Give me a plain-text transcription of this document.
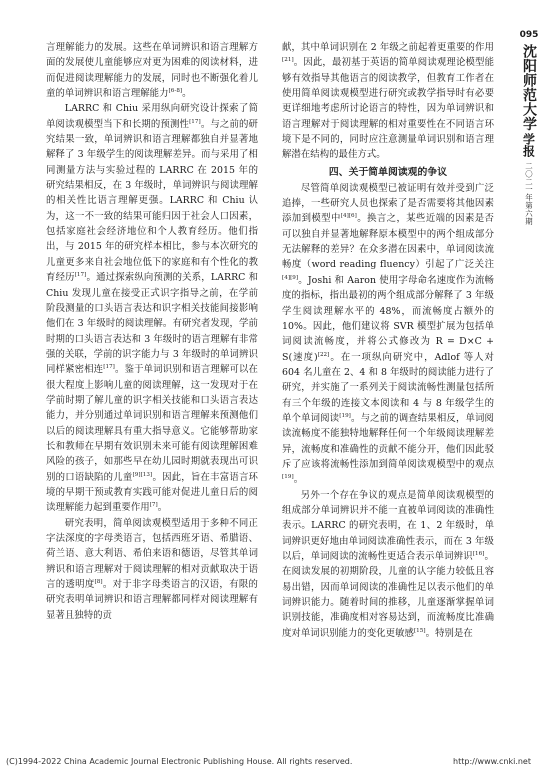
言理解能力的发展。这些在单词辨识和语言理解方面的发展使儿童能够应对更为困难的阅读材料，进而促进阅读理解能力的发展，同时也不断强化着儿童的单词辨识和语言理解能力[6-8]。

LARRC 和 Chiu 采用纵向研究设计探索了简单阅读观模型当下和长期的预测性[17]。与之前的研究结果一致，单词辨识和语言理解都独自并显著地解释了 3 年级学生的阅读理解差异。而与采用了相同测量方法与实验过程的 LARRC 在 2015 年的研究结果相反，在 3 年级时，单词辨识与阅读理解的相关性比语言理解更强。LARRC 和 Chiu 认为，这一不一致的结果可能归因于社会人口因素，包括家庭社会经济地位和个人教育经历。他们指出，与 2015 年的研究样本相比，参与本次研究的儿童更多来自社会地位低下的家庭和有个性化的教育经历[17]。通过探索纵向预测的关系，LARRC 和 Chiu 发现儿童在接受正式识字指导之前，在学前阶段测量的口头语言表达和识字相关技能间接影响他们在 3 年级时的阅读理解。有研究者发现，学前时期的口头语言表达和 3 年级时的语言理解有非常强的关联，学前的识字能力与 3 年级时的单词辨识同样紧密相连[17]。鉴于单词识别和语言理解可以在很大程度上影响儿童的阅读理解，这一发现对于在学前时期了解儿童的识字相关技能和口头语言表达能力，并分别通过单词识别和语言理解来预测他们以后的阅读理解具有重大指导意义。它能够帮助家长和教师在早期有效识别未来可能有阅读理解困难风险的孩子，如那些早在幼儿园时期就表现出可识别的口语缺陷的儿童[9][13]。因此，旨在丰富语言环境的早期干预或教育实践可能对促进儿童日后的阅读理解能力起到重要作用[7]。

研究表明，简单阅读观模型适用于多种不同正字法深度的字母类语言，包括西班牙语、希腊语、荷兰语、意大利语、希伯来语和德语，尽管其单词辨识和语言理解对于阅读理解的相对贡献取决于语言的透明度[8]。对于非字母类语言的汉语，有限的研究表明单词辨识和语言理解都同样对阅读理解有显著且独特的贡

献，其中单词识别在 2 年级之前起着更重要的作用[21]。因此，最初基于英语的简单阅读观理论模型能够有效指导其他语言的阅读教学，但教育工作者在使用简单阅读观模型进行研究或教学指导时有必要更详细地考虑所讨论语言的特性，因为单词辨识和语言理解对于阅读理解的相对重要性在不同语言环境下是不同的，同时应注意测量单词识别和语言理解潜在结构的最佳方式。

四、关于简单阅读观的争议

尽管简单阅读观模型已被证明有效并受到广泛追捧，一些研究人员也探索了是否需要将其他因素添加到模型中[4][6]。换言之，某些近端的因素是否可以独自并显著地解释原本模型中的两个组成部分无法解释的差异？在众多潜在因素中，单词阅读流畅度（word reading fluency）引起了广泛关注[4][9]。Joshi 和 Aaron 使用字母命名速度作为流畅度的指标，指出最初的两个组成部分解释了 3 年级学生阅读理解水平的 48%，而流畅度占额外的 10%。因此，他们建议将 SVR 模型扩展为包括单词阅读流畅度，并将公式修改为 R = D×C + S(速度)[22]。在一项纵向研究中，Adlof 等人对 604 名儿童在 2、4 和 8 年级时的阅读能力进行了研究，并实施了一系列关于阅读流畅性测量包括所有三个年级的连接文本阅读和 4 与 8 年级学生的单个单词阅读[19]。与之前的调查结果相反，单词阅读流畅度不能独特地解释任何一个年级阅读理解差异，流畅度和准确性的贡献不能分开，他们因此驳斥了应该将流畅性添加到简单阅读观模型中的观点[19]。

另外一个存在争议的观点是简单阅读观模型的组成部分单词辨识并不能一直被单词阅读的准确性表示。LARRC 的研究表明，在 1、2 年级时，单词辨识更好地由单词阅读准确性表示，而在 3 年级以后，单词阅读的流畅性更适合表示单词辨识[16]。在阅读发展的初期阶段，儿童的认字能力较低且容易出错，因而单词阅读的准确性足以表示他们的单词辨识能力。随着时间的推移，儿童逐渐掌握单词识别技能，准确度相对容易达到，而流畅度比准确度对单词识别能力的变化更敏感[15]。特别是在

095
沈阳师范大学
学报
二〇二一年第六期
(C)1994-2022 China Academic Journal Electronic Publishing House. All rights reserved.	http://www.cnki.net
